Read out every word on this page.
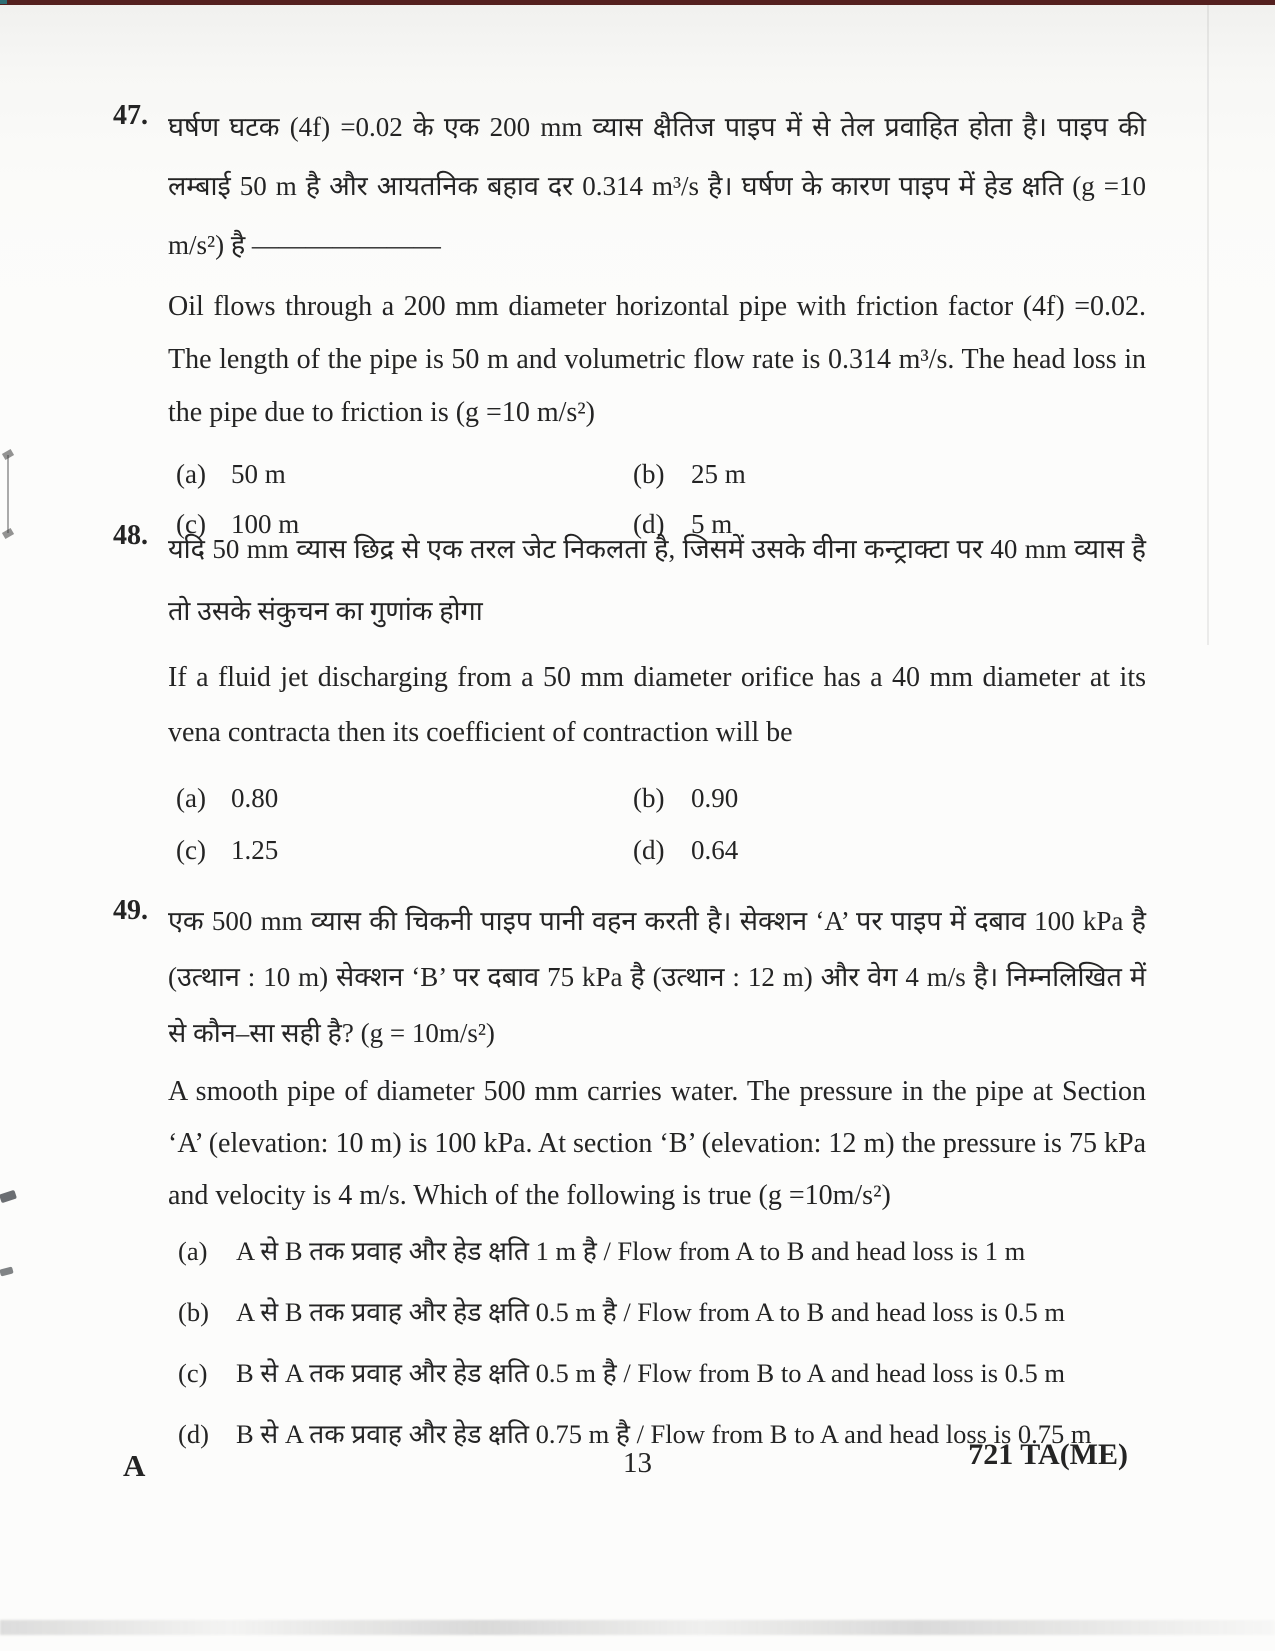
47. घर्षण घटक (4f) =0.02 के एक 200 mm व्यास क्षैतिज पाइप में से तेल प्रवाहित होता है। पाइप की लम्बाई 50 m है और आयतनिक बहाव दर 0.314 m³/s है। घर्षण के कारण पाइप में हेड क्षति (g =10 m/s²) है ———————

Oil flows through a 200 mm diameter horizontal pipe with friction factor (4f) =0.02. The length of the pipe is 50 m and volumetric flow rate is 0.314 m³/s. The head loss in the pipe due to friction is (g =10 m/s²)

(a) 50 m	(b) 25 m
(c) 100 m	(d) 5 m
48. यदि 50 mm व्यास छिद्र से एक तरल जेट निकलता है, जिसमें उसके वीना कन्ट्राक्टा पर 40 mm व्यास है तो उसके संकुचन का गुणांक होगा

If a fluid jet discharging from a 50 mm diameter orifice has a 40 mm diameter at its vena contracta then its coefficient of contraction will be

(a) 0.80	(b) 0.90
(c) 1.25	(d) 0.64
49. एक 500 mm व्यास की चिकनी पाइप पानी वहन करती है। सेक्शन ‘A’ पर पाइप में दबाव 100 kPa है (उत्थान : 10 m) सेक्शन ‘B’ पर दबाव 75 kPa है (उत्थान : 12 m) और वेग 4 m/s है। निम्नलिखित में से कौन–सा सही है? (g = 10m/s²)

A smooth pipe of diameter 500 mm carries water. The pressure in the pipe at Section ‘A’ (elevation: 10 m) is 100 kPa. At section ‘B’ (elevation: 12 m) the pressure is 75 kPa and velocity is 4 m/s. Which of the following is true (g =10m/s²)

(a)	A से B तक प्रवाह और हेड क्षति 1 m है / Flow from A to B and head loss is 1 m
(b)	A से B तक प्रवाह और हेड क्षति 0.5 m है / Flow from A to B and head loss is 0.5 m
(c)	B से A तक प्रवाह और हेड क्षति 0.5 m है / Flow from B to A and head loss is 0.5 m
(d)	B से A तक प्रवाह और हेड क्षति 0.75 m है / Flow from B to A and head loss is 0.75 m
A	13	721 TA(ME)
